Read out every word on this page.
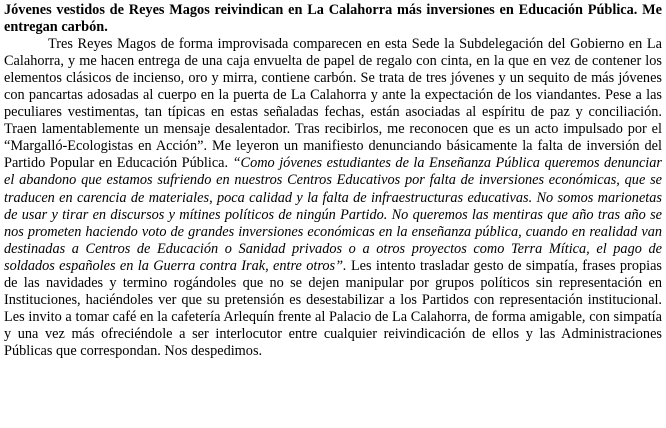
Jóvenes vestidos de Reyes Magos reivindican en La Calahorra más inversiones en Educación Pública. Me entregan carbón.

Tres Reyes Magos de forma improvisada comparecen en esta Sede la Subdelegación del Gobierno en La Calahorra, y me hacen entrega de una caja envuelta de papel de regalo con cinta, en la que en vez de contener los elementos clásicos de incienso, oro y mirra, contiene carbón. Se trata de tres jóvenes y un sequito de más jóvenes con pancartas adosadas al cuerpo en la puerta de La Calahorra y ante la expectación de los viandantes. Pese a las peculiares vestimentas, tan típicas en estas señaladas fechas, están asociadas al espíritu de paz y conciliación. Traen lamentablemente un mensaje desalentador. Tras recibirlos, me reconocen que es un acto impulsado por el “Margalló-Ecologistas en Acción”. Me leyeron un manifiesto denunciando básicamente la falta de inversión del Partido Popular en Educación Pública. “Como jóvenes estudiantes de la Enseñanza Pública queremos denunciar el abandono que estamos sufriendo en nuestros Centros Educativos por falta de inversiones económicas, que se traducen en carencia de materiales, poca calidad y la falta de infraestructuras educativas. No somos marionetas de usar y tirar en discursos y mítines políticos de ningún Partido. No queremos las mentiras que año tras año se nos prometen haciendo voto de grandes inversiones económicas en la enseñanza pública, cuando en realidad van destinadas a Centros de Educación o Sanidad privados o a otros proyectos como Terra Mítica, el pago de soldados españoles en la Guerra contra Irak, entre otros”. Les intento trasladar gesto de simpatía, frases propias de las navidades y termino rogándoles que no se dejen manipular por grupos políticos sin representación en Instituciones, haciéndoles ver que su pretensión es desestabilizar a los Partidos con representación institucional. Les invito a tomar café en la cafetería Arlequín frente al Palacio de La Calahorra, de forma amigable, con simpatía y una vez más ofreciéndole a ser interlocutor entre cualquier reivindicación de ellos y las Administraciones Públicas que correspondan. Nos despedimos.
